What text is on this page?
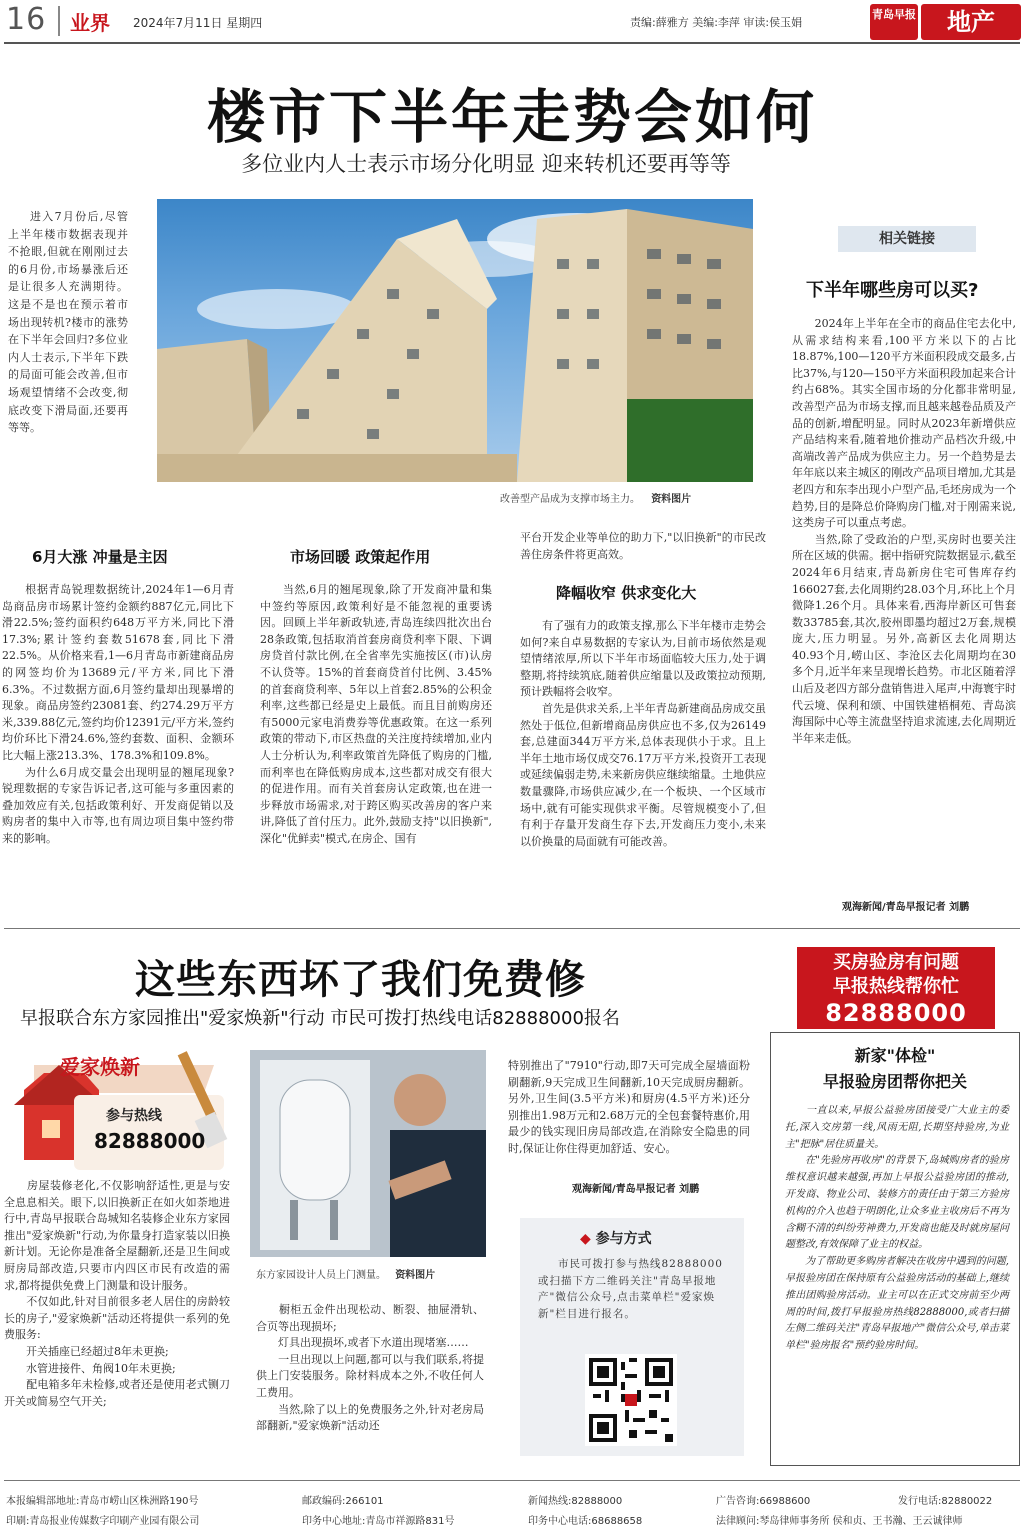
16 业界 2024年7月11日 星期四	责编:薛雅方 美编:李萍 审读:侯玉娟
青岛早报	地产
楼市下半年走势会如何
多位业内人士表示市场分化明显 迎来转机还要再等等
进入7月份后,尽管上半年楼市数据表现并不抢眼,但就在刚刚过去的6月份,市场暴涨后还是让很多人充满期待。这是不是也在预示着市场出现转机?楼市的涨势在下半年会回归?多位业内人士表示,下半年下跌的局面可能会改善,但市场观望情绪不会改变,彻底改变下滑局面,还要再等等。
改善型产品成为支撑市场主力。 资料图片
6月大涨 冲量是主因
　　根据青岛锐理数据统计,2024年1—6月青岛商品房市场累计签约金额约887亿元,同比下滑22.5%;签约面积约648万平方米,同比下滑17.3%;累计签约套数51678套,同比下滑22.5%。从价格来看,1—6月青岛市新建商品房的网签均价为13689元/平方米,同比下滑6.3%。不过数据方面,6月签约量却出现暴增的现象。商品房签约23081套、约274.29万平方米,339.88亿元,签约均价12391元/平方米,签约均价环比下滑24.6%,签约套数、面积、金额环比大幅上涨213.3%、178.3%和109.8%。
　　为什么6月成交量会出现明显的翘尾现象?锐理数据的专家告诉记者,这可能与多重因素的叠加效应有关,包括政策利好、开发商促销以及购房者的集中入市等,也有周边项目集中签约带来的影响。
市场回暖 政策起作用
　　当然,6月的翘尾现象,除了开发商冲量和集中签约等原因,政策利好是不能忽视的重要诱因。回顾上半年新政轨迹,青岛连续四批次出台28条政策,包括取消首套房商贷利率下限、下调房贷首付款比例,在全省率先实施按区(市)认房不认贷等。15%的首套商贷首付比例、3.45%的首套商贷利率、5年以上首套2.85%的公积金利率,这些都已经是史上最低。而且目前购房还有5000元家电消费券等优惠政策。在这一系列政策的带动下,市区热盘的关注度持续增加,业内人士分析认为,利率政策首先降低了购房的门槛,而利率也在降低购房成本,这些都对成交有很大的促进作用。而有关首套房认定政策,也在进一步释放市场需求,对于跨区购买改善房的客户来讲,降低了首付压力。此外,鼓励支持"以旧换新",深化"优鲜卖"模式,在房企、国有
平台开发企业等单位的助力下,"以旧换新"的市民改善住房条件将更高效。
降幅收窄 供求变化大
　　有了强有力的政策支撑,那么下半年楼市走势会如何?来自卓易数据的专家认为,目前市场依然是观望情绪浓厚,所以下半年市场面临较大压力,处于调整期,将持续筑底,随着供应缩量以及政策拉动预期,预计跌幅将会收窄。
　　首先是供求关系,上半年青岛新建商品房成交虽然处于低位,但新增商品房供应也不多,仅为26149套,总建面344万平方米,总体表现供小于求。且上半年土地市场仅成交76.17万平方米,投资开工表现或延续偏弱走势,未来新房供应继续缩量。土地供应数量骤降,市场供应减少,在一个板块、一个区域市场中,就有可能实现供求平衡。尽管规模变小了,但有利于存量开发商生存下去,开发商压力变小,未来以价换量的局面就有可能改善。
相关链接
下半年哪些房可以买?
　　2024年上半年在全市的商品住宅去化中,从需求结构来看,100平方米以下的占比18.87%,100—120平方米面积段成交最多,占比37%,与120—150平方米面积段加起来合计约占68%。其实全国市场的分化都非常明显,改善型产品为市场支撑,而且越来越卷品质及产品的创新,增配明显。同时从2023年新增供应产品结构来看,随着地价推动产品档次升级,中高端改善产品成为供应主力。另一个趋势是去年年底以来主城区的刚改产品项目增加,尤其是老四方和东李出现小户型产品,毛坯房成为一个趋势,目的是降总价降购房门槛,对于刚需来说,这类房子可以重点考虑。
　　当然,除了受政治的户型,买房时也要关注所在区域的供需。据中指研究院数据显示,截至2024年6月结束,青岛新房住宅可售库存约166027套,去化周期约28.03个月,环比上个月微降1.26个月。具体来看,西海岸新区可售套数33785套,其次,胶州即墨均超过2万套,规模庞大,压力明显。另外,高新区去化周期达40.93个月,崂山区、李沧区去化周期均在30多个月,近半年来呈现增长趋势。市北区随着浮山后及老四方部分盘销售进入尾声,中海寰宇时代云境、保利和颂、中国铁建梧桐苑、青岛滨海国际中心等主流盘坚持追求流速,去化周期近半年来走低。
观海新闻/青岛早报记者 刘鹏
这些东西坏了我们免费修
早报联合东方家园推出"爱家焕新"行动 市民可拨打热线电话82888000报名
爱家焕新
参与热线
82888000
　　房屋装修老化,不仅影响舒适性,更是与安全息息相关。眼下,以旧换新正在如火如荼地进行中,青岛早报联合岛城知名装修企业东方家园推出"爱家焕新"行动,为你量身打造家装以旧换新计划。无论你是准备全屋翻新,还是卫生间或厨房局部改造,只要市内四区市民有改造的需求,都将提供免费上门测量和设计服务。
　　不仅如此,针对目前很多老人居住的房龄较长的房子,"爱家焕新"活动还将提供一系列的免费服务:
　　开关插座已经超过8年未更换;
　　水管进接件、角阀10年未更换;
　　配电箱多年未检修,或者还是使用老式铡刀开关或简易空气开关;
东方家园设计人员上门测量。 资料图片
　　橱柜五金件出现松动、断裂、抽屉滑轨、合页等出现损坏;
　　灯具出现损坏,或者下水道出现堵塞……
　　一旦出现以上问题,都可以与我们联系,将提供上门安装服务。除材料成本之外,不收任何人工费用。
　　当然,除了以上的免费服务之外,针对老房局部翻新,"爱家焕新"活动还
特别推出了"7910"行动,即7天可完成全屋墙面粉刷翻新,9天完成卫生间翻新,10天完成厨房翻新。另外,卫生间(3.5平方米)和厨房(4.5平方米)还分别推出1.98万元和2.68万元的全包套餐特惠价,用最少的钱实现旧房局部改造,在消除安全隐患的同时,保证让你住得更加舒适、安心。
观海新闻/青岛早报记者 刘鹏
◆ 参与方式
市民可拨打参与热线82888000或扫描下方二维码关注"青岛早报地产"微信公众号,点击菜单栏"爱家焕新"栏目进行报名。
买房验房有问题
早报热线帮你忙
82888000
新家"体检"
早报验房团帮你把关
　　一直以来,早报公益验房团接受广大业主的委托,深入交房第一线,风雨无阻,长期坚持验房,为业主"把脉"居住质量关。
　　在"先验房再收房"的背景下,岛城购房者的验房维权意识越来越强,再加上早报公益验房团的推动,开发商、物业公司、装修方的责任由于第三方验房机构的介入也趋于明朗化,让众多业主收房后不再为含糊不清的纠纷劳神费力,开发商也能及时就房屋问题整改,有效保障了业主的权益。
　　为了帮助更多购房者解决在收房中遇到的问题,早报验房团在保持原有公益验房活动的基础上,继续推出团购验房活动。业主可以在正式交房前至少两周的时间,拨打早报验房热线82888000,或者扫描左侧二维码关注"青岛早报地产"微信公众号,单击菜单栏"验房报名"预约验房时间。
本报编辑部地址:青岛市崂山区株洲路190号	邮政编码:266101	新闻热线:82888000	广告咨询:66988600	发行电话:82880022
印刷:青岛报业传媒数字印刷产业园有限公司	印务中心地址:青岛市祥源路831号	印务中心电话:68688658	法律顾问:琴岛律师事务所 侯和贞、王书瀚、王云诚律师
